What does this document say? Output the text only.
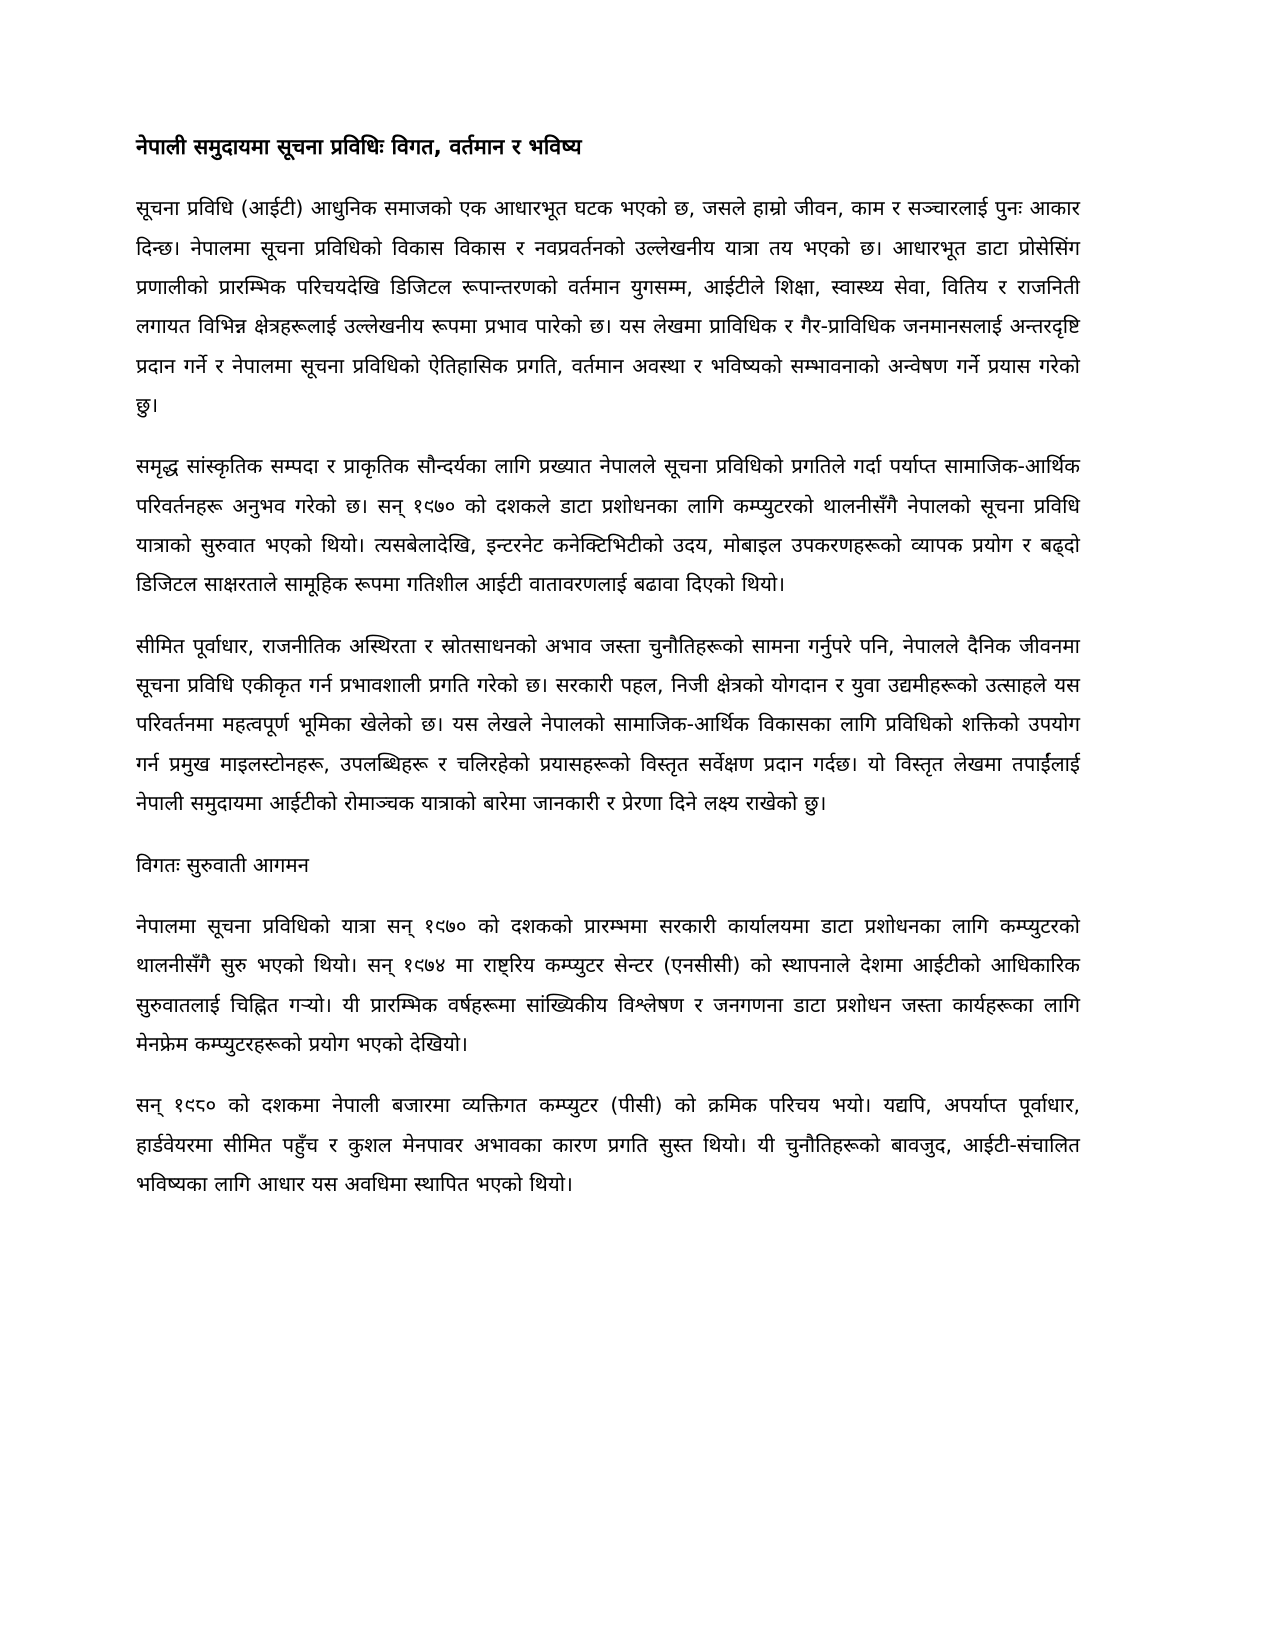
नेपाली समुदायमा सूचना प्रविधिः विगत, वर्तमान र भविष्य

सूचना प्रविधि (आईटी) आधुनिक समाजको एक आधारभूत घटक भएको छ, जसले हाम्रो जीवन, काम र सञ्चारलाई पुनः आकार दिन्छ। नेपालमा सूचना प्रविधिको विकास विकास र नवप्रवर्तनको उल्लेखनीय यात्रा तय भएको छ। आधारभूत डाटा प्रोसेसिंग प्रणालीको प्रारम्भिक परिचयदेखि डिजिटल रूपान्तरणको वर्तमान युगसम्म, आईटीले शिक्षा, स्वास्थ्य सेवा, वितिय र राजनिती लगायत विभिन्न क्षेत्रहरूलाई उल्लेखनीय रूपमा प्रभाव पारेको छ। यस लेखमा प्राविधिक र गैर-प्राविधिक जनमानसलाई अन्तरदृष्टि प्रदान गर्ने र नेपालमा सूचना प्रविधिको ऐतिहासिक प्रगति, वर्तमान अवस्था र भविष्यको सम्भावनाको अन्वेषण गर्ने प्रयास गरेको छु।

समृद्ध सांस्कृतिक सम्पदा र प्राकृतिक सौन्दर्यका लागि प्रख्यात नेपालले सूचना प्रविधिको प्रगतिले गर्दा पर्याप्त सामाजिक-आर्थिक परिवर्तनहरू अनुभव गरेको छ। सन् १९७० को दशकले डाटा प्रशोधनका लागि कम्प्युटरको थालनीसँगै नेपालको सूचना प्रविधि यात्राको सुरुवात भएको थियो। त्यसबेलादेखि, इन्टरनेट कनेक्टिभिटीको उदय, मोबाइल उपकरणहरूको व्यापक प्रयोग र बढ्दो डिजिटल साक्षरताले सामूहिक रूपमा गतिशील आईटी वातावरणलाई बढावा दिएको थियो।

सीमित पूर्वाधार, राजनीतिक अस्थिरता र स्रोतसाधनको अभाव जस्ता चुनौतिहरूको सामना गर्नुपरे पनि, नेपालले दैनिक जीवनमा सूचना प्रविधि एकीकृत गर्न प्रभावशाली प्रगति गरेको छ। सरकारी पहल, निजी क्षेत्रको योगदान र युवा उद्यमीहरूको उत्साहले यस परिवर्तनमा महत्वपूर्ण भूमिका खेलेको छ। यस लेखले नेपालको सामाजिक-आर्थिक विकासका लागि प्रविधिको शक्तिको उपयोग गर्न प्रमुख माइलस्टोनहरू, उपलब्धिहरू र चलिरहेको प्रयासहरूको विस्तृत सर्वेक्षण प्रदान गर्दछ। यो विस्तृत लेखमा तपाईंलाई नेपाली समुदायमा आईटीको रोमाञ्चक यात्राको बारेमा जानकारी र प्रेरणा दिने लक्ष्य राखेको छु।

विगतः सुरुवाती आगमन

नेपालमा सूचना प्रविधिको यात्रा सन् १९७० को दशकको प्रारम्भमा सरकारी कार्यालयमा डाटा प्रशोधनका लागि कम्प्युटरको थालनीसँगै सुरु भएको थियो। सन् १९७४ मा राष्ट्रिय कम्प्युटर सेन्टर (एनसीसी) को स्थापनाले देशमा आईटीको आधिकारिक सुरुवातलाई चिह्नित गर्‍यो। यी प्रारम्भिक वर्षहरूमा सांख्यिकीय विश्लेषण र जनगणना डाटा प्रशोधन जस्ता कार्यहरूका लागि मेनफ्रेम कम्प्युटरहरूको प्रयोग भएको देखियो।

सन् १९८० को दशकमा नेपाली बजारमा व्यक्तिगत कम्प्युटर (पीसी) को क्रमिक परिचय भयो। यद्यपि, अपर्याप्त पूर्वाधार, हार्डवेयरमा सीमित पहुँच र कुशल मेनपावर अभावका कारण प्रगति सुस्त थियो। यी चुनौतिहरूको बावजुद, आईटी-संचालित भविष्यका लागि आधार यस अवधिमा स्थापित भएको थियो।
